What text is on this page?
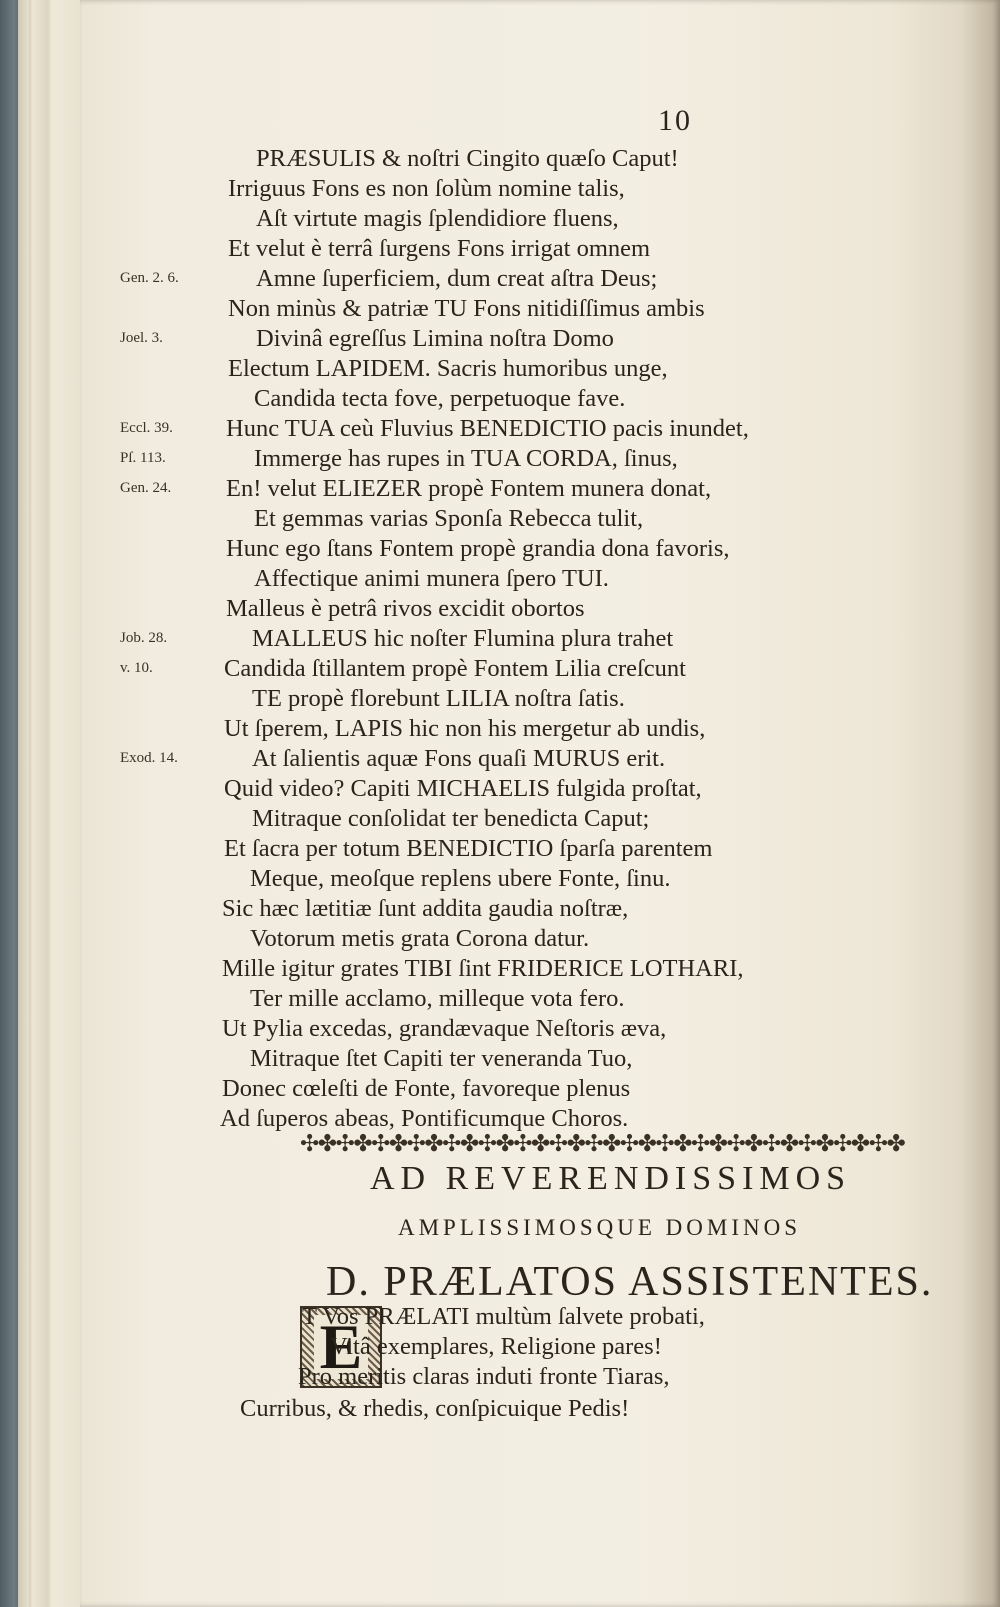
10
PRÆSULIS & noſtri Cingito quæſo Caput!
Irriguus Fons es non ſolùm nomine talis,
Aſt virtute magis ſplendidiore fluens,
Et velut è terrâ ſurgens Fons irrigat omnem
Amne ſuperficiem, dum creat aſtra Deus;
Non minùs & patriæ TU Fons nitidiſſimus ambis
Divinâ egreſſus Limina noſtra Domo
Electum LAPIDEM. Sacris humoribus unge,
Candida tecta fove, perpetuoque fave.
Hunc TUA ceù Fluvius BENEDICTIO pacis inundet,
Immerge has rupes in TUA CORDA, ſinus,
En! velut ELIEZER propè Fontem munera donat,
Et gemmas varias Sponſa Rebecca tulit,
Hunc ego ſtans Fontem propè grandia dona favoris,
Affectique animi munera ſpero TUI.
Malleus è petrâ rivos excidit obortos
MALLEUS hic noſter Flumina plura trahet
Candida ſtillantem propè Fontem Lilia creſcunt
TE propè florebunt LILIA noſtra ſatis.
Ut ſperem, LAPIS hic non his mergetur ab undis,
At ſalientis aquæ Fons quaſi MURUS erit.
Quid video? Capiti MICHAELIS fulgida proſtat,
Mitraque conſolidat ter benedicta Caput;
Et ſacra per totum BENEDICTIO ſparſa parentem
Meque, meoſque replens ubere Fonte, ſinu.
Sic hæc lætitiæ ſunt addita gaudia noſtræ,
Votorum metis grata Corona datur.
Mille igitur grates TIBI ſint FRIDERICE LOTHARI,
Ter mille acclamo, milleque vota fero.
Ut Pylia excedas, grandævaque Neſtoris æva,
Mitraque ſtet Capiti ter veneranda Tuo,
Donec cœleſti de Fonte, favoreque plenus
Ad ſuperos abeas, Pontificumque Choros.
Gen. 2. 6.
Joel. 3.
Eccl. 39.
Pſ. 113.
Gen. 24.
Job. 28.
v. 10.
Exod. 14.
✣✤✣✤✣✤✣✤✣✤✣✤✣✤✣✤✣✤✣✤✣✤✣✤✣✤✣✤✣✤✣✤✣✤
AD REVERENDISSIMOS
AMPLISSIMOSQUE DOMINOS
D. PRÆLATOS ASSISTENTES.
E
T Vos PRÆLATI multùm ſalvete probati,
Vitâ exemplares, Religione pares!
Pro meritis claras induti fronte Tiaras,
Curribus, & rhedis, conſpicuique Pedis!
